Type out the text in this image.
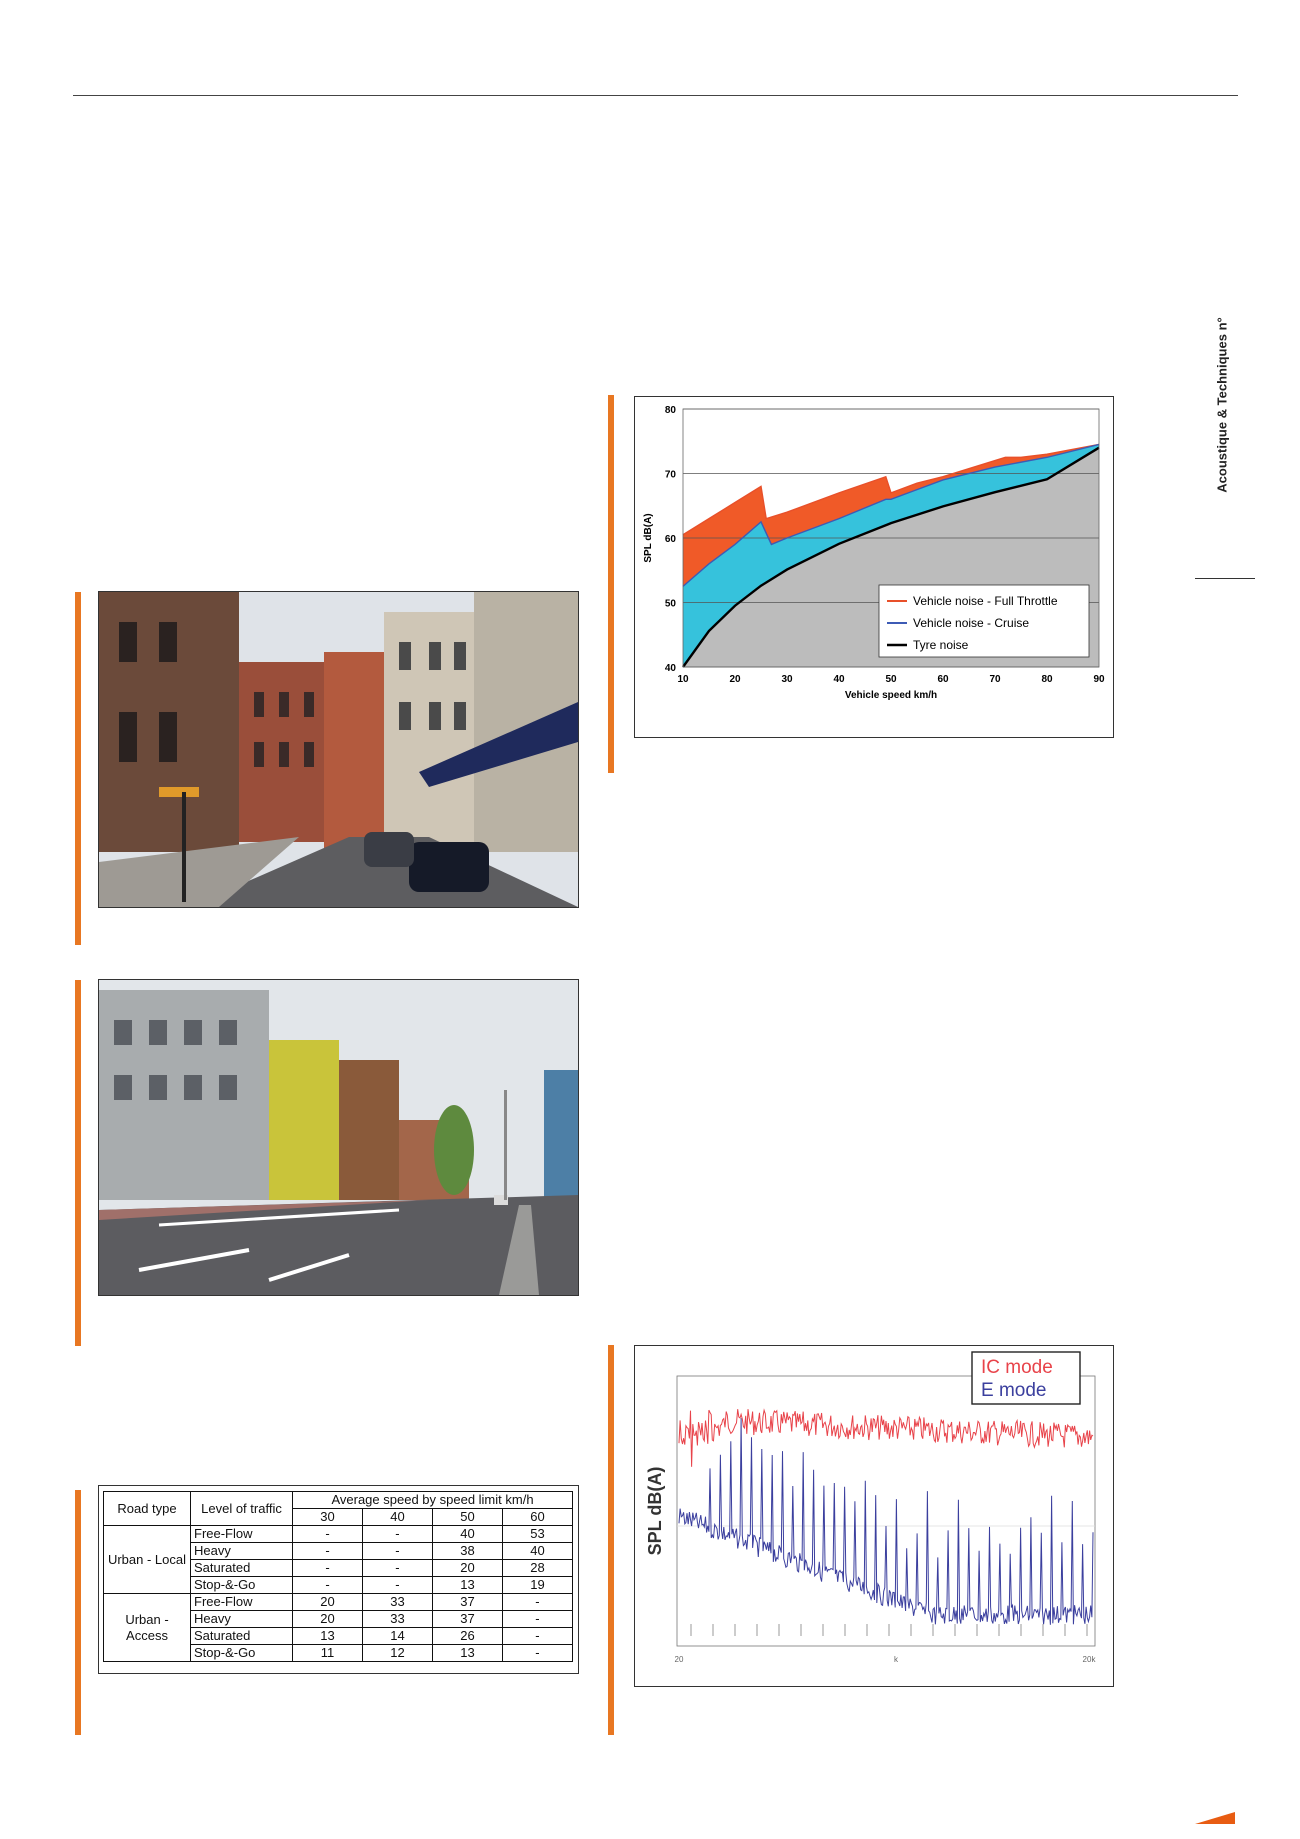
Acoustique & Techniques n°
Road type	Level of traffic	Average speed by speed limit km/h			
		30	40	50	60
Urban - Local	Free-Flow	-	-	40	53
	Heavy	-	-	38	40
	Saturated	-	-	20	28
	Stop-&-Go	-	-	13	19
Urban - Access	Free-Flow	20	33	37	-
	Heavy	20	33	37	-
	Saturated	13	14	26	-
	Stop-&-Go	11	12	13	-
40
50
60
70
80
10	20	30	40	50	60	70	80	90
Vehicle speed km/h
SPL dB(A)
Vehicle noise - Full Throttle
Vehicle noise - Cruise
Tyre noise
20	k	20k
SPL dB(A)
IC mode
E mode
